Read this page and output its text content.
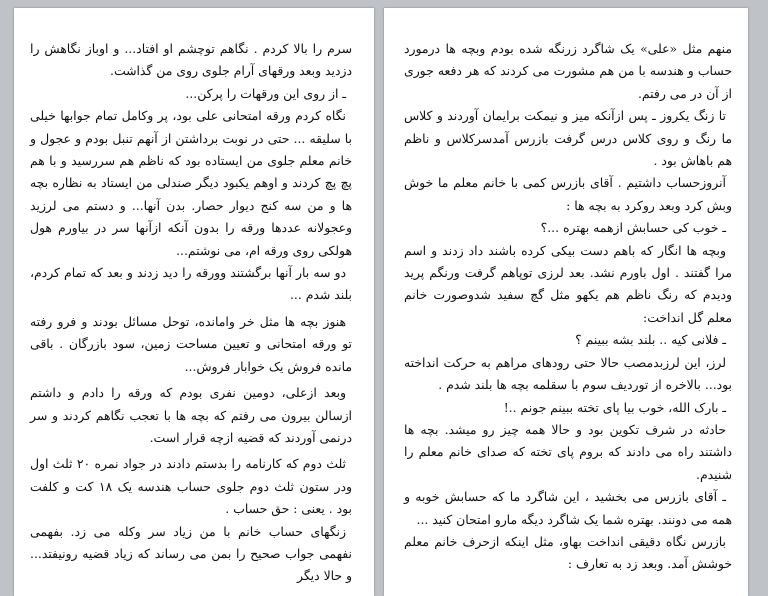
سرم را بالا کردم . نگاهم توچشم او افتاد... و اوباز نگاهش را دزدید وبعد ورقهای آرام جلوی روی من گذاشت.

ـ از روی این ورقهات را پرکن...

نگاه کردم ورقه امتحانی علی بود، پر وکامل تمام جوابها خیلی با سلیقه ... حتی در نوبت برداشتن از آنهم تنبل بودم و عجول و خانم معلم جلوی من ایستاده بود که ناظم هم سررسید و با هم پچ پچ کردند و اوهم یکبود دیگر صندلی من ایستاد به نظاره بچه ها و من سه کنج دیوار حصار. بدن آنها... و دستم می لرزید وعجولانه عددها ورقه را بدون آنکه ازآنها سر در بیاورم هول هولکی روی ورقه ام، می نوشتم...

دو سه بار آنها برگشتند وورقه را دید زدند و بعد که تمام کردم، بلند شدم ...

هنوز بچه ها مثل خر وامانده، توحل مسائل بودند و فرو رفته تو ورقه امتحانی و تعیین مساحت زمین، سود بازرگان . باقی مانده فروش یک خوابار فروش...

وبعد ازعلی، دومین نفری بودم که ورقه را دادم و داشتم ازسالن بیرون می رفتم که بچه ها با تعجب نگاهم کردند و سر درنمی آوردند که قضیه ازچه قرار است.

ثلث دوم که کارنامه را بدستم دادند در جواد نمره ۲۰ ثلث اول ودر ستون ثلث دوم جلوی حساب هندسه یک ۱۸ کت و کلفت بود . یعنی : حق حساب .

زنگهای حساب خانم با من زیاد سر وکله می زد. بفهمی نفهمی جواب صحیح را بمن می رساند که زیاد قضیه رونیفتد... و حالا دیگر

منهم مثل «علی» یک شاگرد زرنگه شده بودم وبچه ها درمورد حساب و هندسه با من هم مشورت می کردند که هر دفعه جوری از آن در می رفتم.

تا زنگ یکروز ـ پس ازآنکه میز و نیمکت برایمان آوردند و کلاس ما رنگ و روی کلاس درس گرفت بازرس آمدسرکلاس و ناظم هم باهاش بود .

آنروزحساب داشتیم . آقای بازرس کمی با خانم معلم ما خوش وبش کرد وبعد روکرد به بچه ها :

ـ خوب کی حسابش ازهمه بهتره ...؟

وبچه ها انگار که باهم دست بیکی کرده باشند داد زدند و اسم مرا گفتند . اول باورم نشد. بعد لرزی توپاهم گرفت ورنگم پرید ودیدم که رنگ ناظم هم یکهو مثل گچ سفید شدوصورت خانم معلم گل انداخت:

ـ فلانی کیه .. بلند بشه ببینم ؟

لرز، این لرزبدمصب حالا حتی رودهای مراهم به حرکت انداخته بود... بالاخره از توردیف سوم با سقلمه بچه ها بلند شدم .

ـ بارک الله، خوب بیا پای تخته ببینم جونم ..!

حادثه در شرف تکوین بود و حالا همه چیز رو میشد. بچه ها داشتند راه می دادند که بروم پای تخته که صدای خانم معلم را شنیدم.

ـ آقای بازرس می بخشید ، این شاگرد ما که حسابش خوبه و همه می دونند. بهتره شما یک شاگرد دیگه مارو امتحان کنید ...

بازرس نگاه دقیقی انداخت بهاو، مثل اینکه ازحرف خانم معلم خوشش آمد. وبعد زد به تعارف :
